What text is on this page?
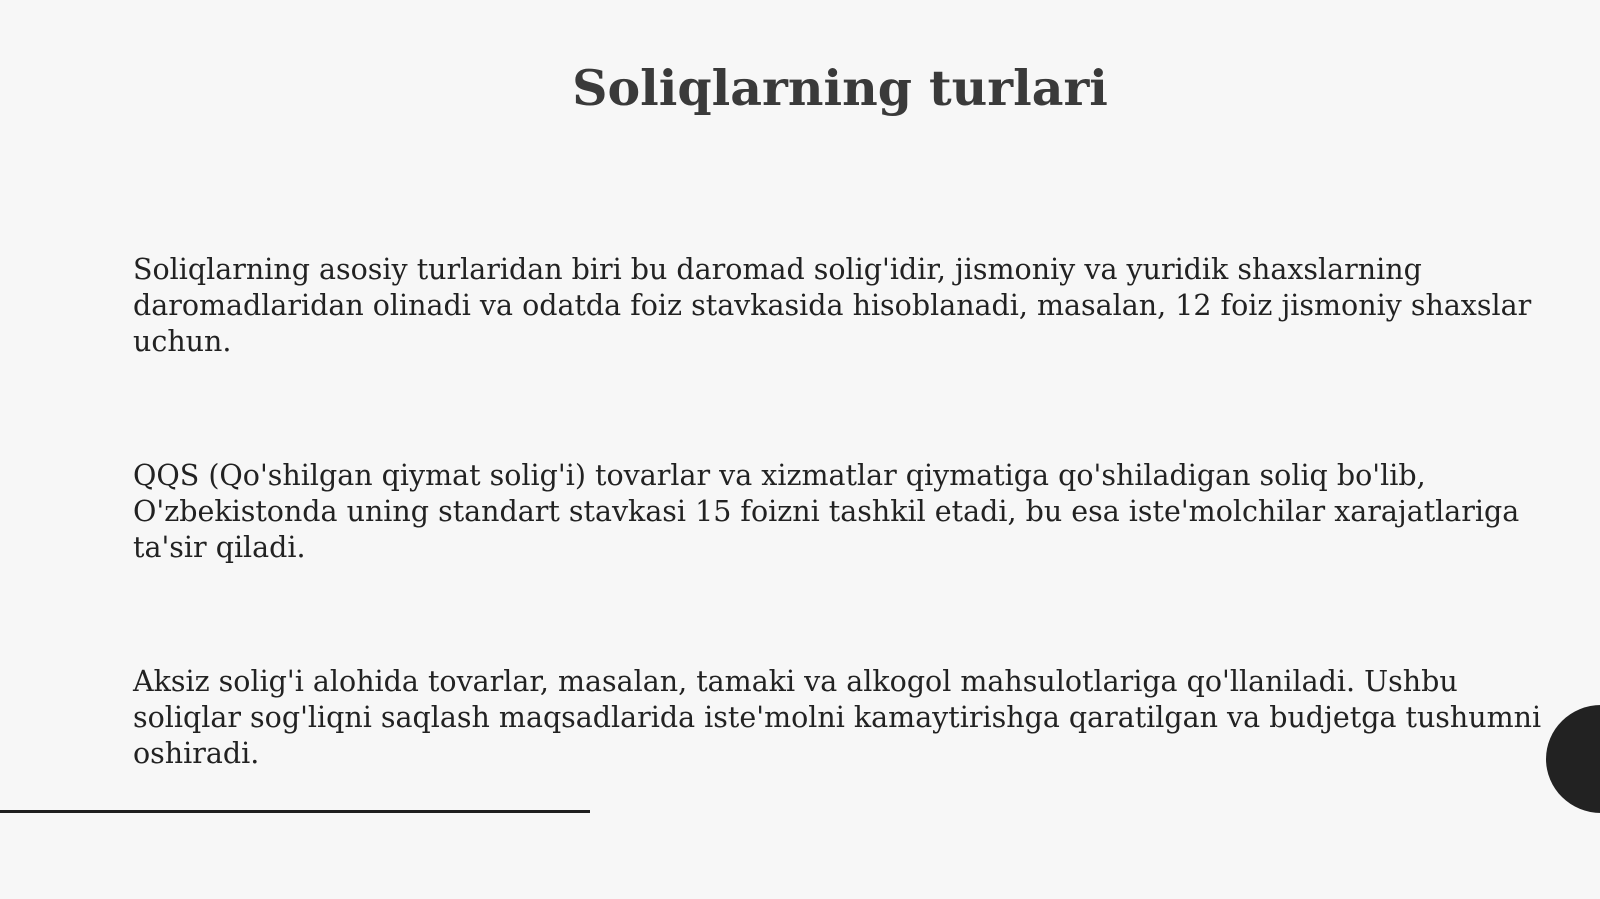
Soliqlarning turlari

Soliqlarning asosiy turlaridan biri bu daromad solig'idir, jismoniy va yuridik shaxslarning daromadlaridan olinadi va odatda foiz stavkasida hisoblanadi, masalan, 12 foiz jismoniy shaxslar uchun.

QQS (Qo'shilgan qiymat solig'i) tovarlar va xizmatlar qiymatiga qo'shiladigan soliq bo'lib, O'zbekistonda uning standart stavkasi 15 foizni tashkil etadi, bu esa iste'molchilar xarajatlariga ta'sir qiladi.

Aksiz solig'i alohida tovarlar, masalan, tamaki va alkogol mahsulotlariga qo'llaniladi. Ushbu soliqlar sog'liqni saqlash maqsadlarida iste'molni kamaytirishga qaratilgan va budjetga tushumni oshiradi.
